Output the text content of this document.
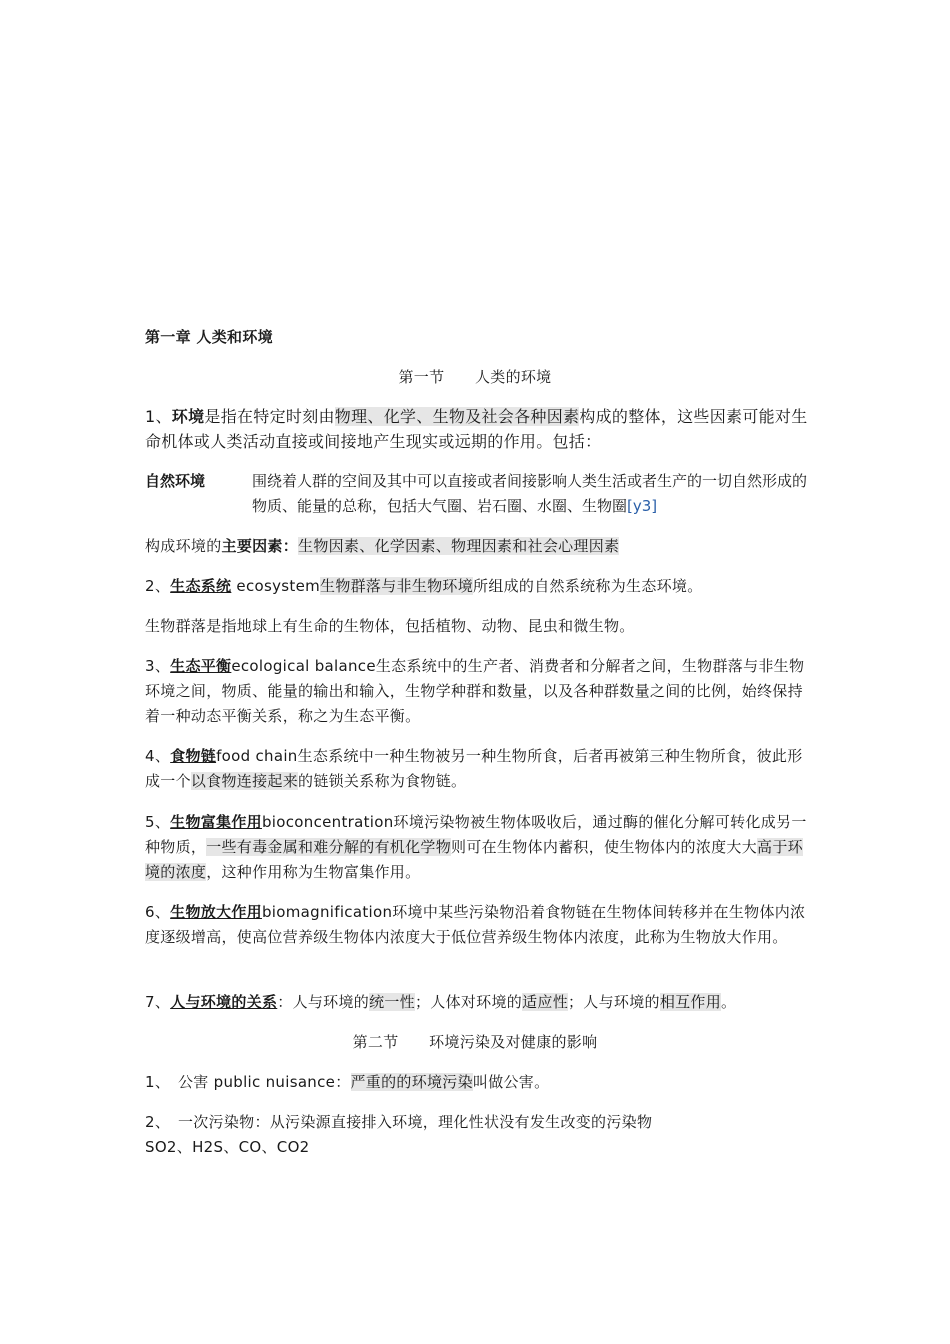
第一章 人类和环境
第一节　　人类的环境
1、环境是指在特定时刻由物理、化学、生物及社会各种因素构成的整体，这些因素可能对生命机体或人类活动直接或间接地产生现实或远期的作用。包括：
自然环境	围绕着人群的空间及其中可以直接或者间接影响人类生活或者生产的一切自然形成的物质、能量的总称，包括大气圈、岩石圈、水圈、生物圈[y3]
构成环境的主要因素：生物因素、化学因素、物理因素和社会心理因素
2、生态系统 ecosystem生物群落与非生物环境所组成的自然系统称为生态环境。
生物群落是指地球上有生命的生物体，包括植物、动物、昆虫和微生物。
3、生态平衡ecological balance生态系统中的生产者、消费者和分解者之间，生物群落与非生物环境之间，物质、能量的输出和输入，生物学种群和数量，以及各种群数量之间的比例，始终保持着一种动态平衡关系，称之为生态平衡。
4、食物链food chain生态系统中一种生物被另一种生物所食，后者再被第三种生物所食，彼此形成一个以食物连接起来的链锁关系称为食物链。
5、生物富集作用bioconcentration环境污染物被生物体吸收后，通过酶的催化分解可转化成另一种物质，一些有毒金属和难分解的有机化学物则可在生物体内蓄积，使生物体内的浓度大大高于环境的浓度，这种作用称为生物富集作用。
6、生物放大作用biomagnification环境中某些污染物沿着食物链在生物体间转移并在生物体内浓度逐级增高，使高位营养级生物体内浓度大于低位营养级生物体内浓度，此称为生物放大作用。
7、人与环境的关系：人与环境的统一性；人体对环境的适应性；人与环境的相互作用。
第二节　　环境污染及对健康的影响
1、　公害 public nuisance：严重的的环境污染叫做公害。
2、　一次污染物：从污染源直接排入环境，理化性状没有发生改变的污染物
SO2、H2S、CO、CO2
